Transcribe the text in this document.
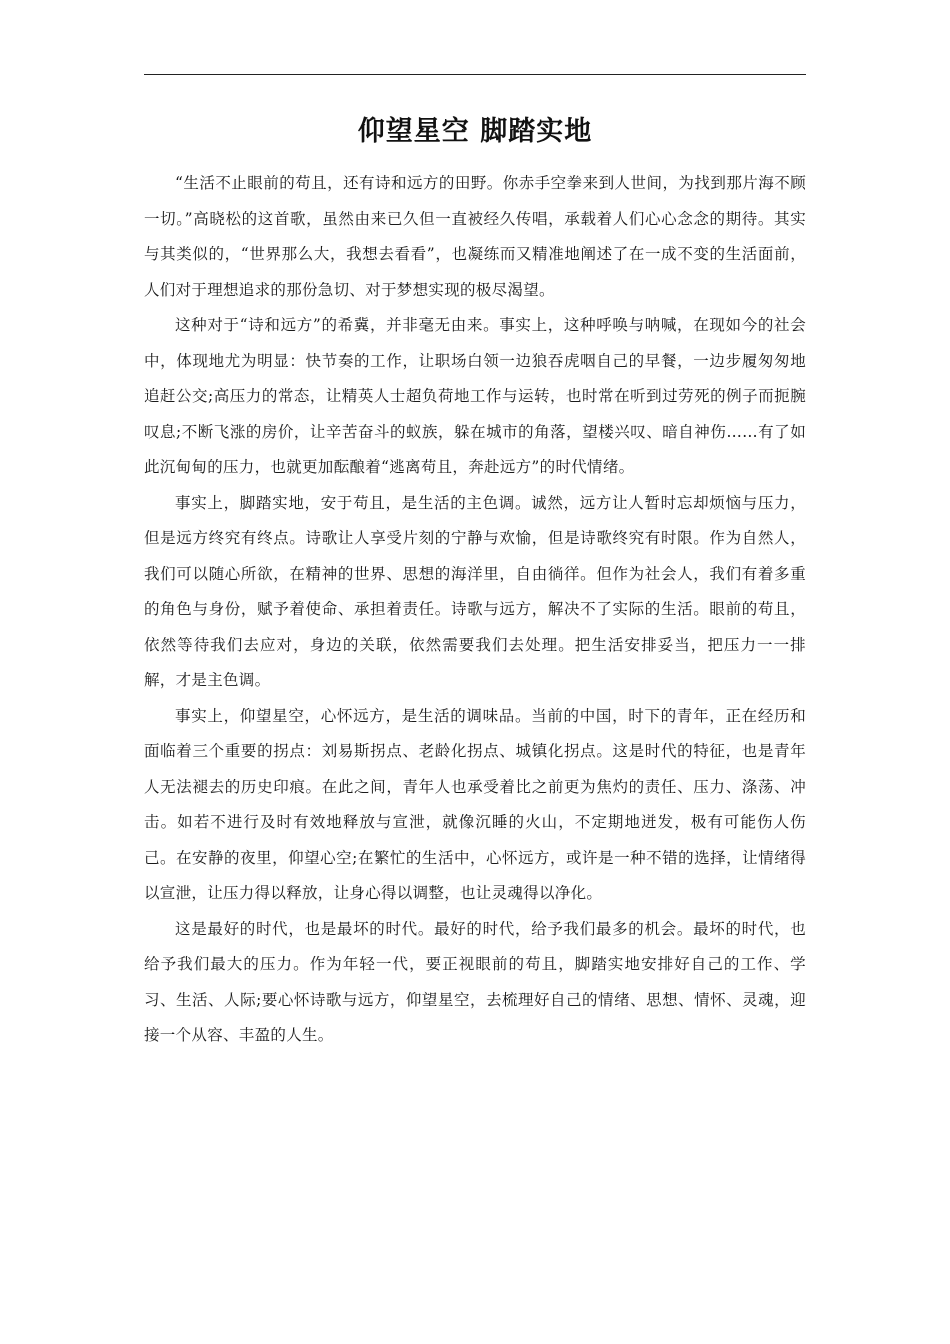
仰望星空 脚踏实地

“生活不止眼前的苟且，还有诗和远方的田野。你赤手空拳来到人世间，为找到那片海不顾一切。”高晓松的这首歌，虽然由来已久但一直被经久传唱，承载着人们心心念念的期待。其实与其类似的，“世界那么大，我想去看看”，也凝练而又精准地阐述了在一成不变的生活面前，人们对于理想追求的那份急切、对于梦想实现的极尽渴望。

这种对于“诗和远方”的希冀，并非毫无由来。事实上，这种呼唤与呐喊，在现如今的社会中，体现地尤为明显：快节奏的工作，让职场白领一边狼吞虎咽自己的早餐，一边步履匆匆地追赶公交;高压力的常态，让精英人士超负荷地工作与运转，也时常在听到过劳死的例子而扼腕叹息;不断飞涨的房价，让辛苦奋斗的蚁族，躲在城市的角落，望楼兴叹、暗自神伤……有了如此沉甸甸的压力，也就更加酝酿着“逃离苟且，奔赴远方”的时代情绪。

事实上，脚踏实地，安于苟且，是生活的主色调。诚然，远方让人暂时忘却烦恼与压力，但是远方终究有终点。诗歌让人享受片刻的宁静与欢愉，但是诗歌终究有时限。作为自然人，我们可以随心所欲，在精神的世界、思想的海洋里，自由徜徉。但作为社会人，我们有着多重的角色与身份，赋予着使命、承担着责任。诗歌与远方，解决不了实际的生活。眼前的苟且，依然等待我们去应对，身边的关联，依然需要我们去处理。把生活安排妥当，把压力一一排解，才是主色调。

事实上，仰望星空，心怀远方，是生活的调味品。当前的中国，时下的青年，正在经历和面临着三个重要的拐点：刘易斯拐点、老龄化拐点、城镇化拐点。这是时代的特征，也是青年人无法褪去的历史印痕。在此之间，青年人也承受着比之前更为焦灼的责任、压力、涤荡、冲击。如若不进行及时有效地释放与宣泄，就像沉睡的火山，不定期地迸发，极有可能伤人伤己。在安静的夜里，仰望心空;在繁忙的生活中，心怀远方，或许是一种不错的选择，让情绪得以宣泄，让压力得以释放，让身心得以调整，也让灵魂得以净化。

这是最好的时代，也是最坏的时代。最好的时代，给予我们最多的机会。最坏的时代，也给予我们最大的压力。作为年轻一代，要正视眼前的苟且，脚踏实地安排好自己的工作、学习、生活、人际;要心怀诗歌与远方，仰望星空，去梳理好自己的情绪、思想、情怀、灵魂，迎接一个从容、丰盈的人生。
